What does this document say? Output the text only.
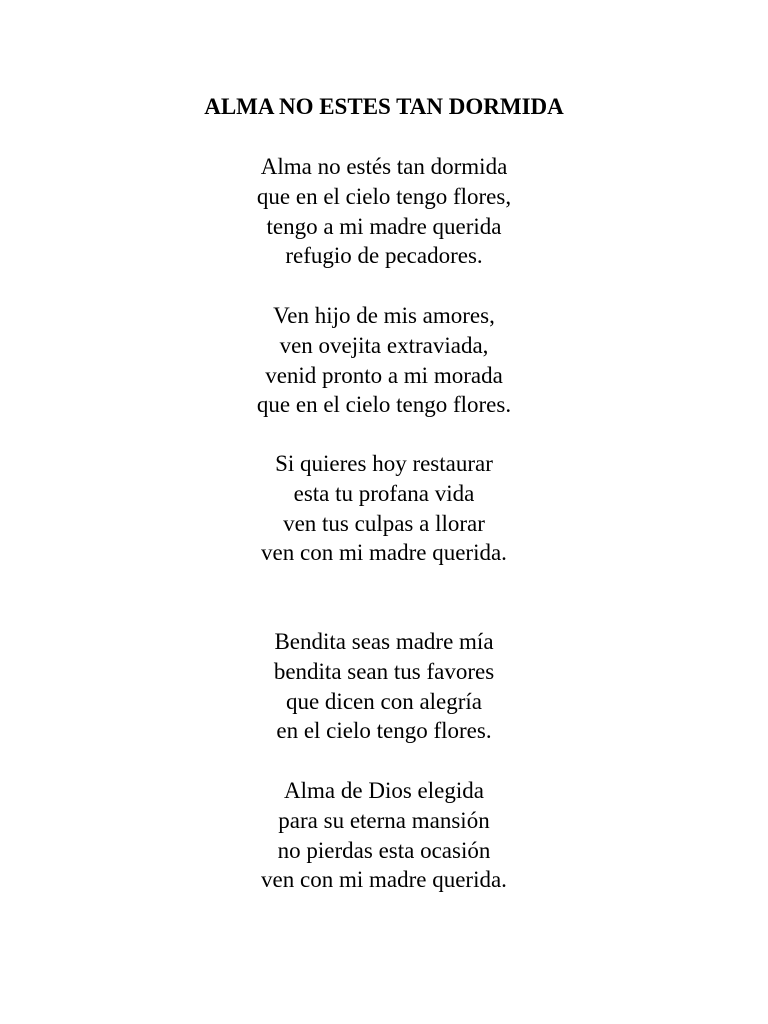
ALMA NO ESTES TAN DORMIDA
Alma no estés tan dormida
que en el cielo tengo flores,
tengo a mi madre querida
refugio de pecadores.
Ven hijo de mis amores,
ven ovejita extraviada,
venid pronto a mi morada
que en el cielo tengo flores.
Si quieres hoy restaurar
esta tu profana vida
ven tus culpas a llorar
ven con mi madre querida.
Bendita seas madre mía
bendita sean tus favores
que dicen con alegría
en el cielo tengo flores.
Alma de Dios elegida
para su eterna mansión
no pierdas esta ocasión
ven con mi madre querida.
